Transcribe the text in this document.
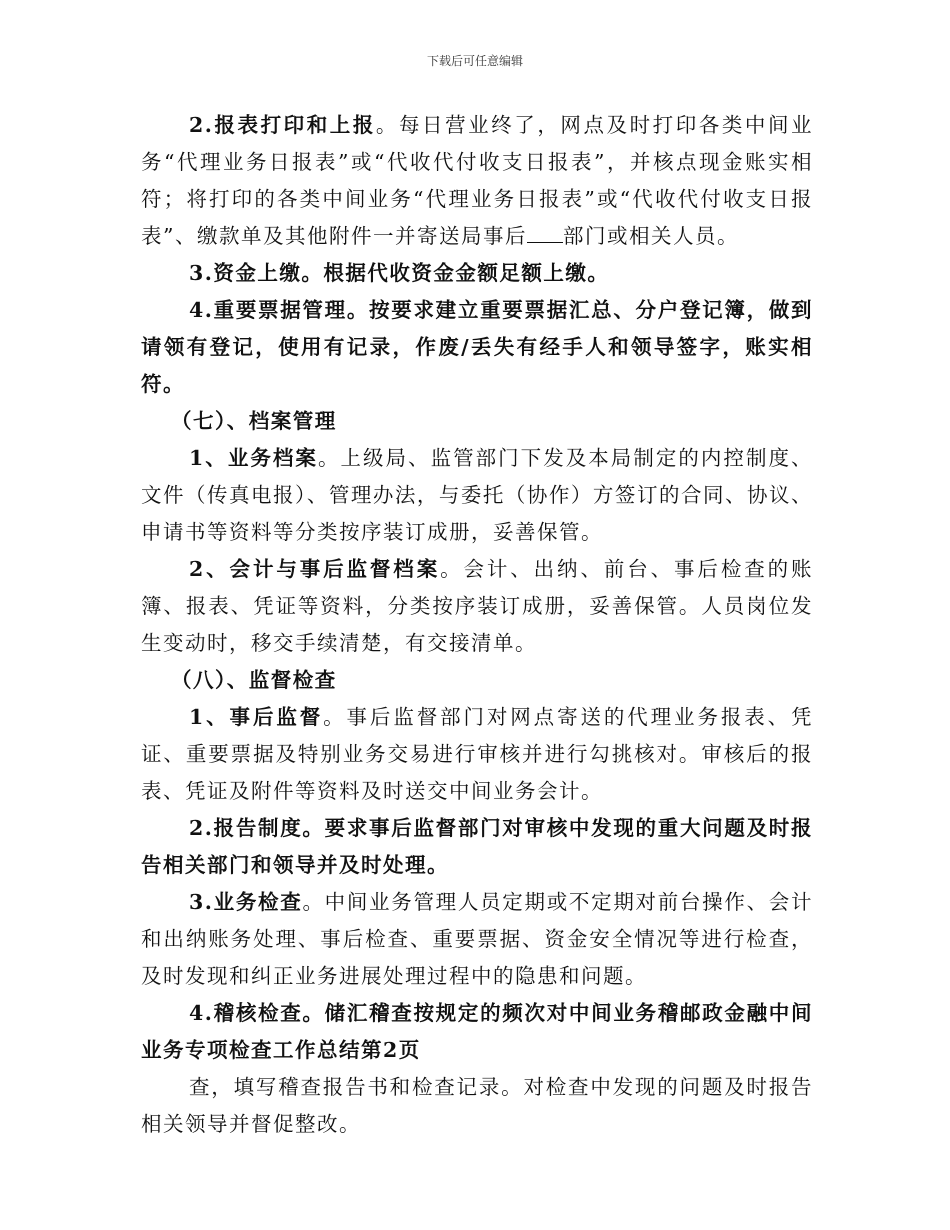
下载后可任意编辑

2.报表打印和上报。每日营业终了，网点及时打印各类中间业务“代理业务日报表”或“代收代付收支日报表”，并核点现金账实相符；将打印的各类中间业务“代理业务日报表”或“代收代付收支日报表”、缴款单及其他附件一并寄送局事后 部门或相关人员。

3.资金上缴。根据代收资金金额足额上缴。

4.重要票据管理。按要求建立重要票据汇总、分户登记簿，做到请领有登记，使用有记录，作废/丢失有经手人和领导签字，账实相符。

（七）、档案管理

1、业务档案。上级局、监管部门下发及本局制定的内控制度、文件（传真电报）、管理办法，与委托（协作）方签订的合同、协议、申请书等资料等分类按序装订成册，妥善保管。

2、会计与事后监督档案。会计、出纳、前台、事后检查的账簿、报表、凭证等资料，分类按序装订成册，妥善保管。人员岗位发生变动时，移交手续清楚，有交接清单。

（八）、监督检查

1、事后监督。事后监督部门对网点寄送的代理业务报表、凭证、重要票据及特别业务交易进行审核并进行勾挑核对。审核后的报表、凭证及附件等资料及时送交中间业务会计。

2.报告制度。要求事后监督部门对审核中发现的重大问题及时报告相关部门和领导并及时处理。

3.业务检查。中间业务管理人员定期或不定期对前台操作、会计和出纳账务处理、事后检查、重要票据、资金安全情况等进行检查，及时发现和纠正业务进展处理过程中的隐患和问题。

4.稽核检查。储汇稽查按规定的频次对中间业务稽邮政金融中间业务专项检查工作总结第2页

查，填写稽查报告书和检查记录。对检查中发现的问题及时报告相关领导并督促整改。
